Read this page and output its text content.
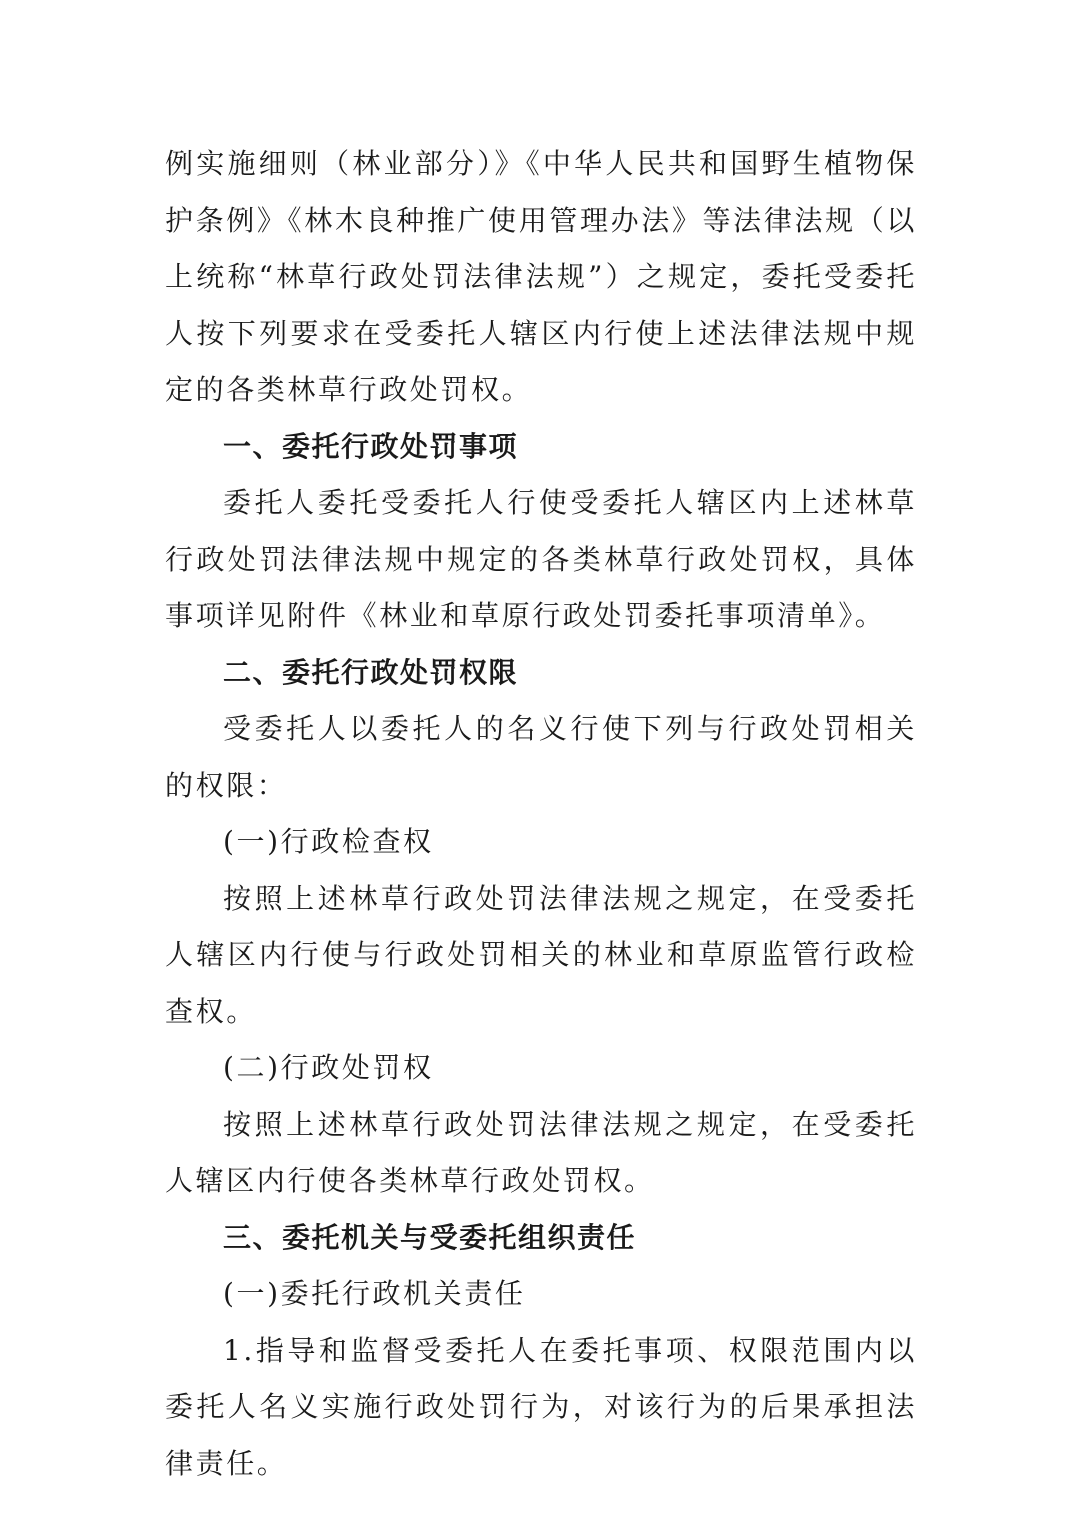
例实施细则（林业部分）》《中华人民共和国野生植物保护条例》《林木良种推广使用管理办法》等法律法规（以上统称“林草行政处罚法律法规”）之规定，委托受委托人按下列要求在受委托人辖区内行使上述法律法规中规定的各类林草行政处罚权。

一、委托行政处罚事项

委托人委托受委托人行使受委托人辖区内上述林草行政处罚法律法规中规定的各类林草行政处罚权，具体事项详见附件《林业和草原行政处罚委托事项清单》。

二、委托行政处罚权限

受委托人以委托人的名义行使下列与行政处罚相关的权限：

(一)行政检查权

按照上述林草行政处罚法律法规之规定，在受委托人辖区内行使与行政处罚相关的林业和草原监管行政检查权。

(二)行政处罚权

按照上述林草行政处罚法律法规之规定，在受委托人辖区内行使各类林草行政处罚权。

三、委托机关与受委托组织责任

(一)委托行政机关责任

1.指导和监督受委托人在委托事项、权限范围内以委托人名义实施行政处罚行为，对该行为的后果承担法律责任。
